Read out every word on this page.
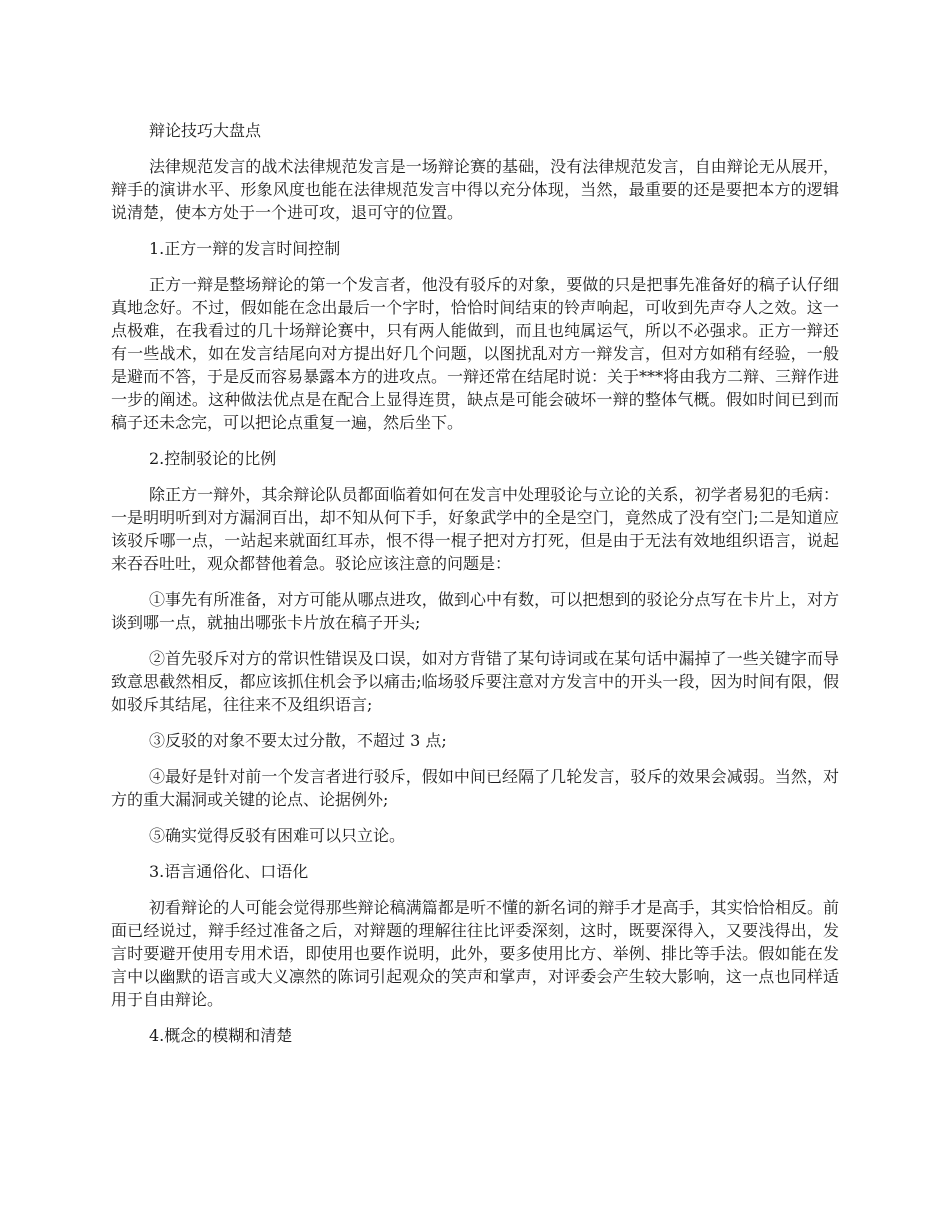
辩论技巧大盘点

法律规范发言的战术法律规范发言是一场辩论赛的基础，没有法律规范发言，自由辩论无从展开，辩手的演讲水平、形象风度也能在法律规范发言中得以充分体现，当然，最重要的还是要把本方的逻辑说清楚，使本方处于一个进可攻，退可守的位置。

1.正方一辩的发言时间控制

正方一辩是整场辩论的第一个发言者，他没有驳斥的对象，要做的只是把事先准备好的稿子认仔细真地念好。不过，假如能在念出最后一个字时，恰恰时间结束的铃声响起，可收到先声夺人之效。这一点极难，在我看过的几十场辩论赛中，只有两人能做到，而且也纯属运气，所以不必强求。正方一辩还有一些战术，如在发言结尾向对方提出好几个问题，以图扰乱对方一辩发言，但对方如稍有经验，一般是避而不答，于是反而容易暴露本方的进攻点。一辩还常在结尾时说：关于***将由我方二辩、三辩作进一步的阐述。这种做法优点是在配合上显得连贯，缺点是可能会破坏一辩的整体气概。假如时间已到而稿子还未念完，可以把论点重复一遍，然后坐下。

2.控制驳论的比例

除正方一辩外，其余辩论队员都面临着如何在发言中处理驳论与立论的关系，初学者易犯的毛病：一是明明听到对方漏洞百出，却不知从何下手，好象武学中的全是空门，竟然成了没有空门;二是知道应该驳斥哪一点，一站起来就面红耳赤，恨不得一棍子把对方打死，但是由于无法有效地组织语言，说起来吞吞吐吐，观众都替他着急。驳论应该注意的问题是：

①事先有所准备，对方可能从哪点进攻，做到心中有数，可以把想到的驳论分点写在卡片上，对方谈到哪一点，就抽出哪张卡片放在稿子开头;

②首先驳斥对方的常识性错误及口误，如对方背错了某句诗词或在某句话中漏掉了一些关键字而导致意思截然相反，都应该抓住机会予以痛击;临场驳斥要注意对方发言中的开头一段，因为时间有限，假如驳斥其结尾，往往来不及组织语言;

③反驳的对象不要太过分散，不超过 3 点;

④最好是针对前一个发言者进行驳斥，假如中间已经隔了几轮发言，驳斥的效果会减弱。当然，对方的重大漏洞或关键的论点、论据例外;

⑤确实觉得反驳有困难可以只立论。

3.语言通俗化、口语化

初看辩论的人可能会觉得那些辩论稿满篇都是听不懂的新名词的辩手才是高手，其实恰恰相反。前面已经说过，辩手经过准备之后，对辩题的理解往往比评委深刻，这时，既要深得入，又要浅得出，发言时要避开使用专用术语，即使用也要作说明，此外，要多使用比方、举例、排比等手法。假如能在发言中以幽默的语言或大义凛然的陈词引起观众的笑声和掌声，对评委会产生较大影响，这一点也同样适用于自由辩论。

4.概念的模糊和清楚
